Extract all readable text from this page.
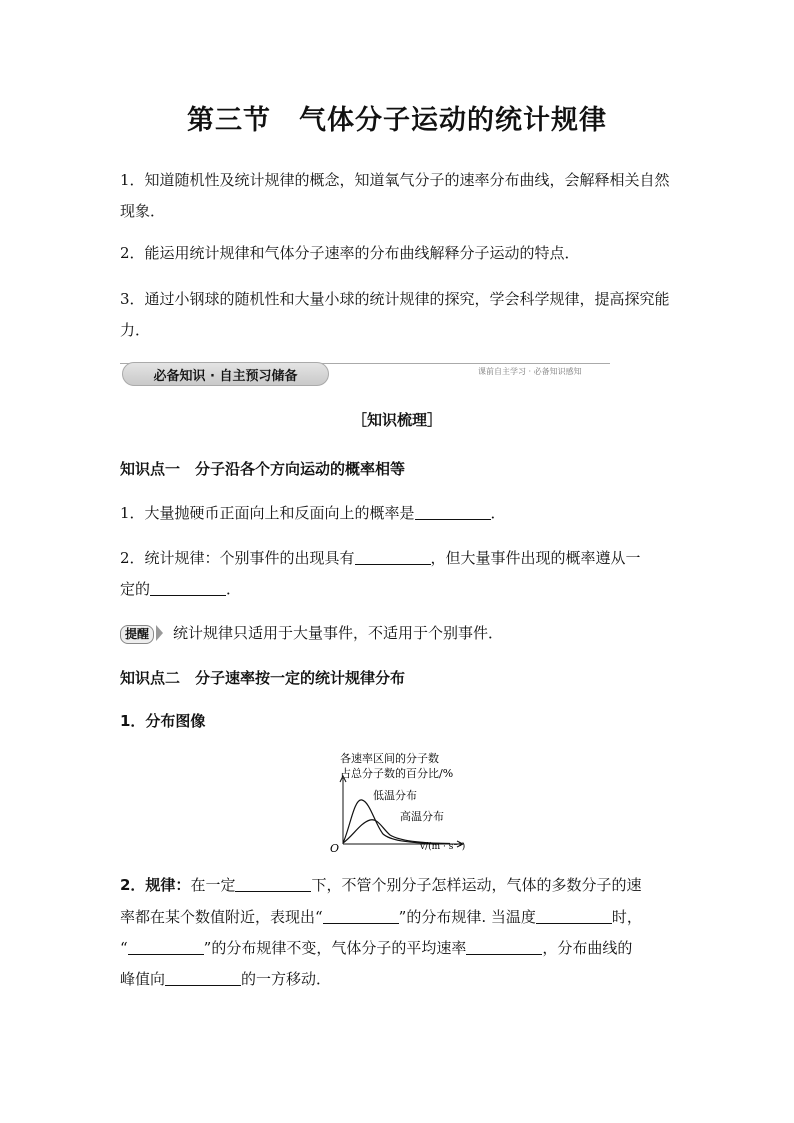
第三节　气体分子运动的统计规律
1．知道随机性及统计规律的概念，知道氧气分子的速率分布曲线，会解释相关自然现象．
2．能运用统计规律和气体分子速率的分布曲线解释分子运动的特点．
3．通过小钢球的随机性和大量小球的统计规律的探究，学会科学规律，提高探究能力．
必备知识 · 自主预习储备	课前自主学习 · 必备知识感知
［知识梳理］
知识点一　分子沿各个方向运动的概率相等
1．大量抛硬币正面向上和反面向上的概率是	．
2．统计规律：个别事件的出现具有	，但大量事件出现的概率遵从一
定的	．
提醒 统计规律只适用于大量事件，不适用于个别事件．
知识点二　分子速率按一定的统计规律分布
1．分布图像
各速率区间的分子数
占总分子数的百分比/%
低温分布
高温分布
O	v/(m · s⁻¹)
2．规律：在一定	下，不管个别分子怎样运动，气体的多数分子的速
率都在某个数值附近，表现出“	”的分布规律. 当温度	时，
“	”的分布规律不变，气体分子的平均速率	，分布曲线的
峰值向	的一方移动．
